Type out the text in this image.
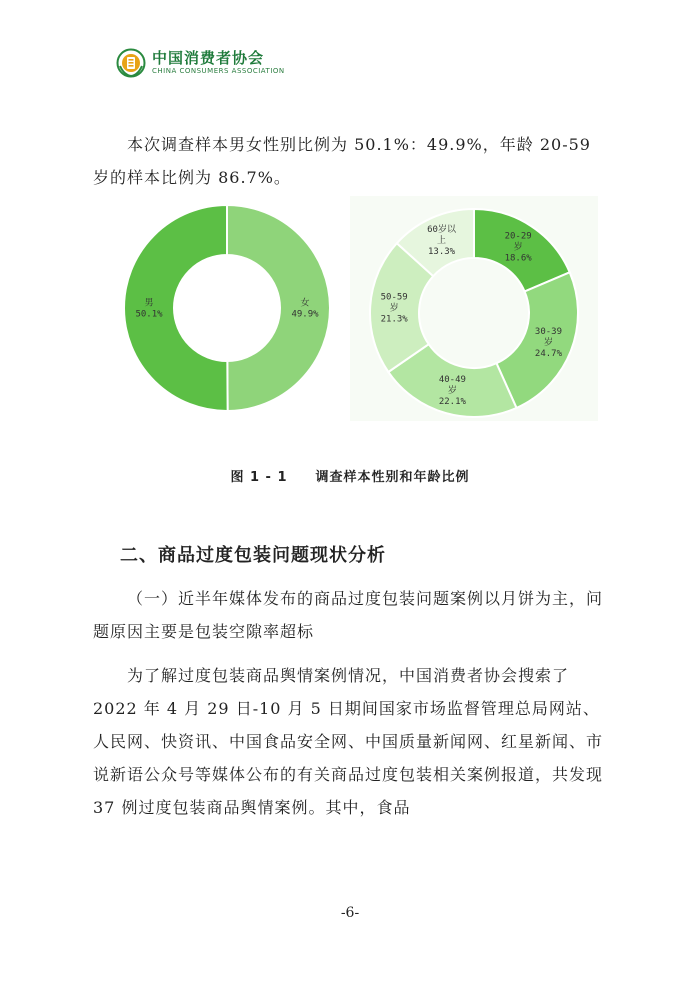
中国消费者协会
CHINA CONSUMERS ASSOCIATION
本次调查样本男女性别比例为 50.1%：49.9%，年龄 20-59 岁的样本比例为 86.7%。
女 49.9%
男 50.1%
20-29 岁 18.6%
30-39 岁 24.7%
40-49 岁 22.1%
50-59 岁 21.3%
60岁以上 13.3%
图 1 - 1 调查样本性别和年龄比例
二、商品过度包装问题现状分析
（一）近半年媒体发布的商品过度包装问题案例以月饼为主，问题原因主要是包装空隙率超标
为了解过度包装商品舆情案例情况，中国消费者协会搜索了 2022 年 4 月 29 日-10 月 5 日期间国家市场监督管理总局网站、人民网、快资讯、中国食品安全网、中国质量新闻网、红星新闻、市说新语公众号等媒体公布的有关商品过度包装相关案例报道，共发现 37 例过度包装商品舆情案例。其中，食品
-6-
